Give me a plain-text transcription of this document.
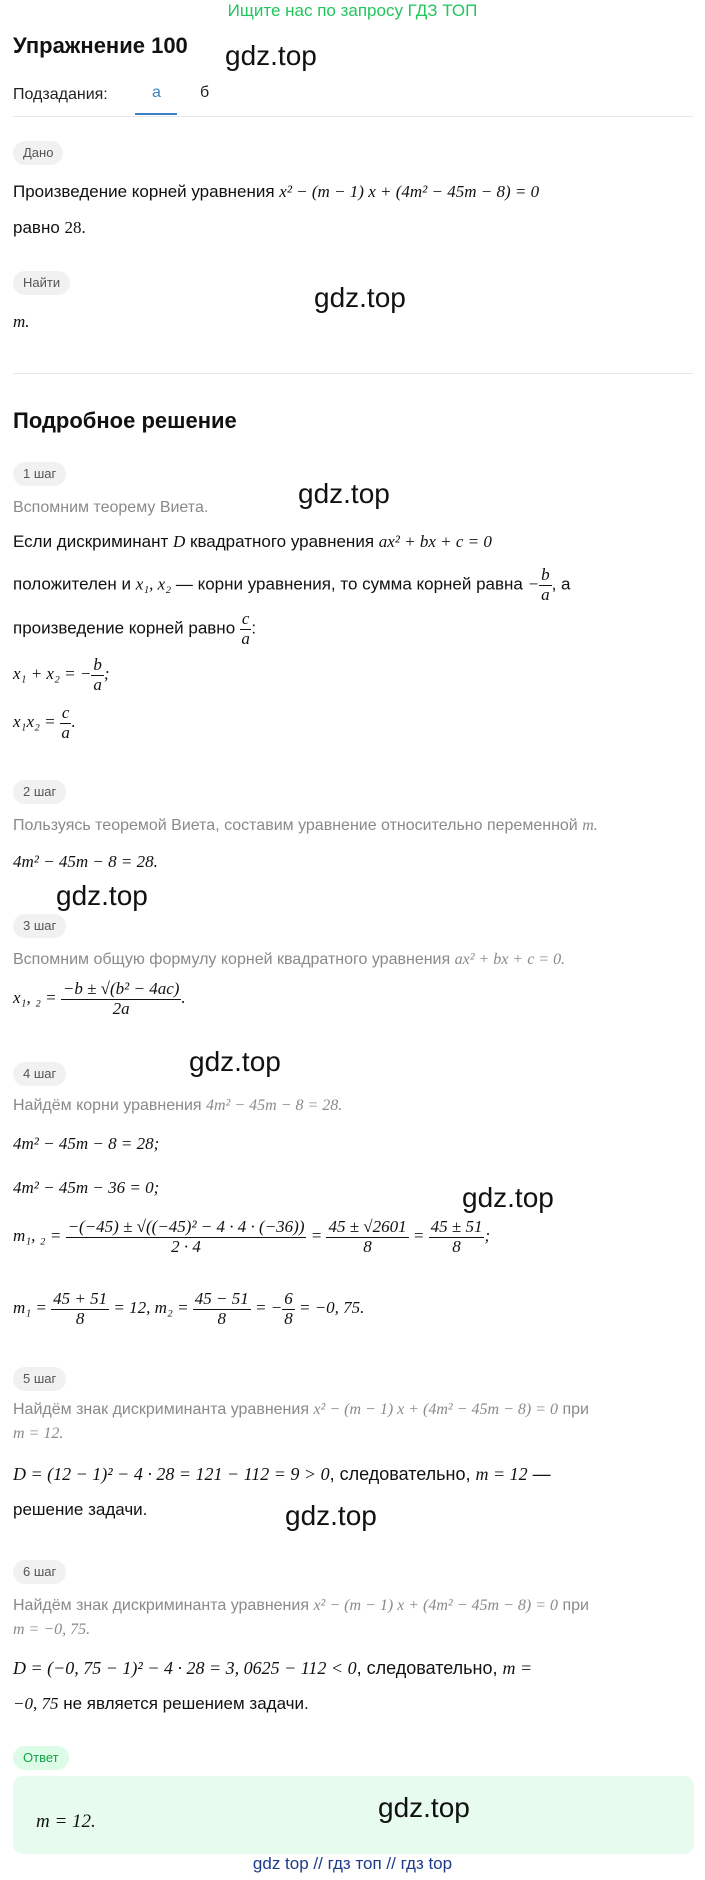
Ищите нас по запросу ГДЗ ТОП
Упражнение 100 gdz.top
Подзадания:	а б
Дано
Произведение корней уравнения x² − (m − 1) x + (4m² − 45m − 8) = 0
равно 28.
Найти	gdz.top
m.
Подробное решение
1 шаг
Вспомним теорему Виета.	gdz.top
Если дискриминант D квадратного уравнения ax² + bx + c = 0
положителен и x₁, x₂ — корни уравнения, то сумма корней равна − $\frac{b}{a}$ , а
произведение корней равно $\frac{c}{a}$ :
x₁ + x₂ = − $\frac{b}{a}$ ;
$x_1x_2 = \frac{c}{a}$ .
2 шаг
Пользуясь теоремой Виета, составим уравнение относительно переменной m.
4m² − 45m − 8 = 28.
gdz.top
3 шаг
Вспомним общую формулу корней квадратного уравнения ax² + bx + c = 0.
x₁, $_2 = \frac{\text{−b ± √(b² − 4ac)}}{2a}$ .
4 шаг	gdz.top
Найдём корни уравнения 4m² − 45m − 8 = 28.
4m² − 45m − 8 = 28;
4m² − 45m − 36 = 0;	gdz.top
m₁, $_2 = \frac{\text{−(−45) ± √((−45)² − 4 · 4 · (−36))}}{2 \cdot 4} = \frac{45 \pm √2601}{8} = \frac{45 \pm 51}{8}$ ;
$m_1 = \frac{45 + 51}{8} = 12$, $m_2 = \frac{45 - 51}{8}$ = − $\frac{6}{8} = -0$, 75.
5 шаг
Найдём знак дискриминанта уравнения x² − (m − 1) x + (4m² − 45m − 8) = 0 при
m = 12.
D = (12 − 1)² − 4 · 28 = 121 − 112 = 9 > 0, следовательно, m = 12 —
решение задачи.	gdz.top
6 шаг
Найдём знак дискриминанта уравнения x² − (m − 1) x + (4m² − 45m − 8) = 0 при
m = −0, 75.
D = (−0, 75 − 1)² − 4 · 28 = 3, 0625 − 112 < 0, следовательно, m =
−0, 75 не является решением задачи.
Ответ
m = 12.	gdz.top
gdz top // гдз топ // гдз top
